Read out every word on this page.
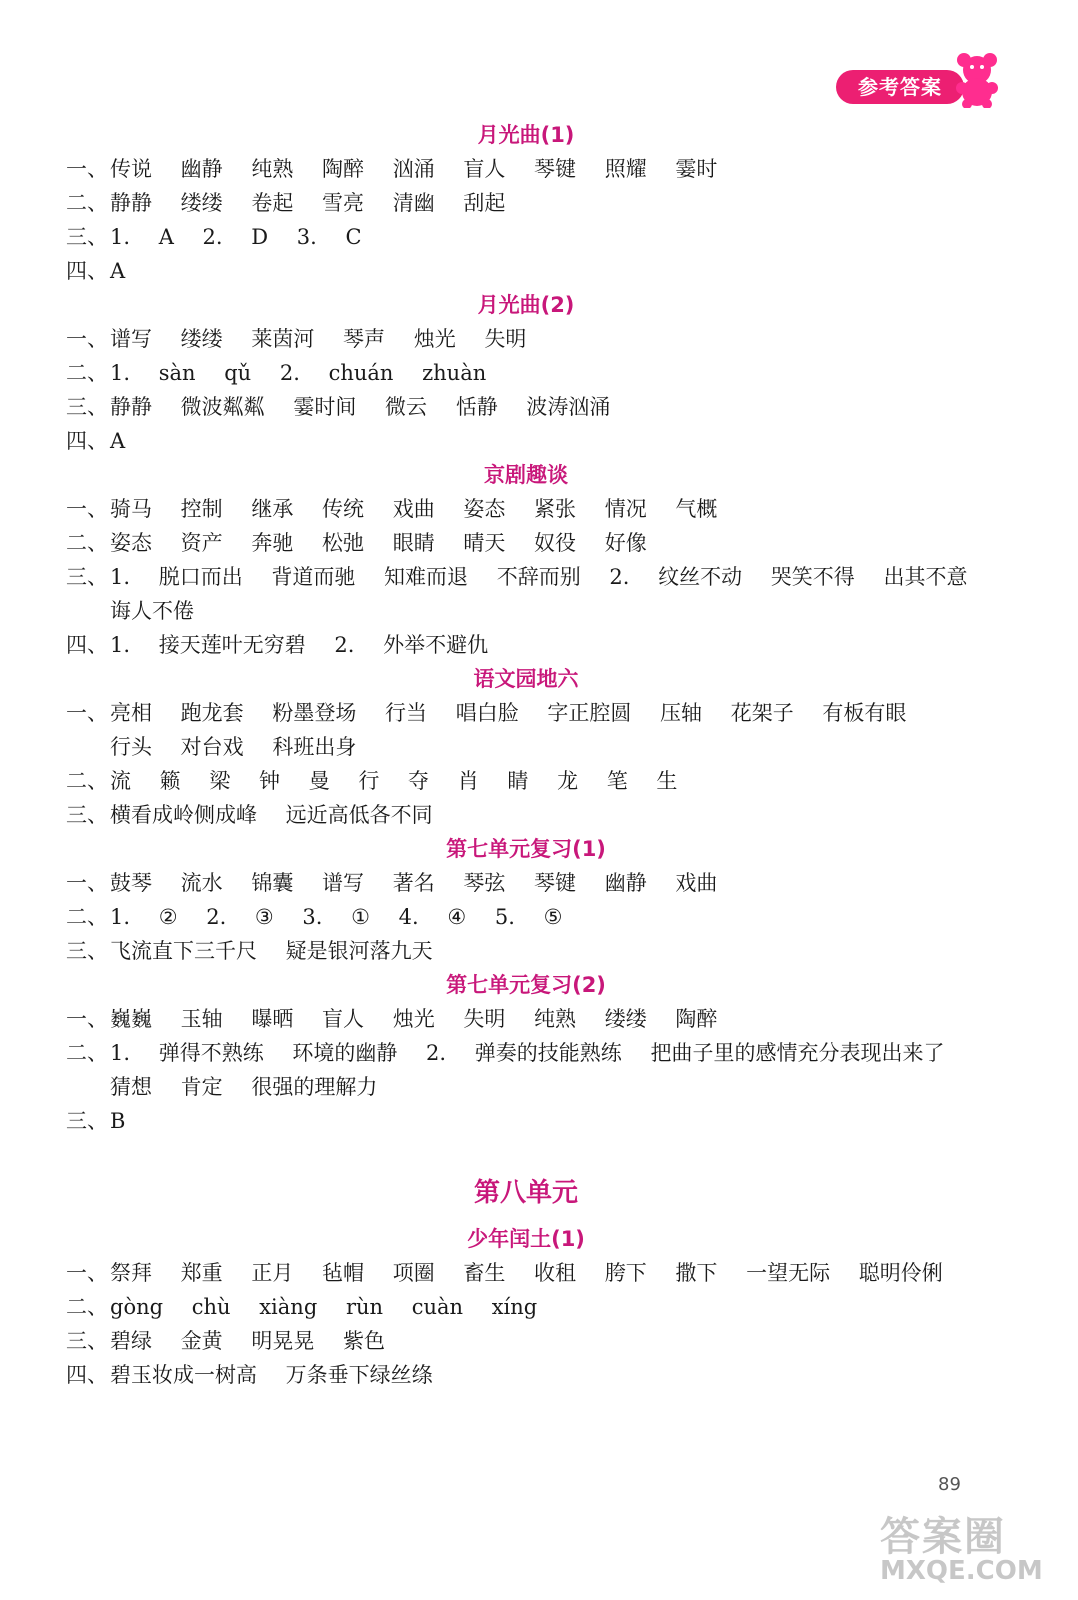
参考答案
月光曲(1)
一、传说 幽静 纯熟 陶醉 汹涌 盲人 琴键 照耀 霎时
二、静静 缕缕 卷起 雪亮 清幽 刮起
三、1. A 2. D 3. C
四、A
月光曲(2)
一、谱写 缕缕 莱茵河 琴声 烛光 失明
二、1. sàn qǔ 2. chuán zhuàn
三、静静 微波粼粼 霎时间 微云 恬静 波涛汹涌
四、A
京剧趣谈
一、骑马 控制 继承 传统 戏曲 姿态 紧张 情况 气概
二、姿态 资产 奔驰 松弛 眼睛 晴天 奴役 好像
三、1. 脱口而出 背道而驰 知难而退 不辞而别 2. 纹丝不动 哭笑不得 出其不意
诲人不倦
四、1. 接天莲叶无穷碧 2. 外举不避仇
语文园地六
一、亮相 跑龙套 粉墨登场 行当 唱白脸 字正腔圆 压轴 花架子 有板有眼
行头 对台戏 科班出身
二、流 籁 梁 钟 曼 行 夺 肖 睛 龙 笔 生
三、横看成岭侧成峰 远近高低各不同
第七单元复习(1)
一、鼓琴 流水 锦囊 谱写 著名 琴弦 琴键 幽静 戏曲
二、1. ② 2. ③ 3. ① 4. ④ 5. ⑤
三、飞流直下三千尺 疑是银河落九天
第七单元复习(2)
一、巍巍 玉轴 曝晒 盲人 烛光 失明 纯熟 缕缕 陶醉
二、1. 弹得不熟练 环境的幽静 2. 弹奏的技能熟练 把曲子里的感情充分表现出来了
猜想 肯定 很强的理解力
三、B
第八单元
少年闰土(1)
一、祭拜 郑重 正月 毡帽 项圈 畜生 收租 胯下 撒下 一望无际 聪明伶俐
二、gòng chù xiàng rùn cuàn xíng
三、碧绿 金黄 明晃晃 紫色
四、碧玉妆成一树高 万条垂下绿丝绦
89
答案圈
MXQE.COM
